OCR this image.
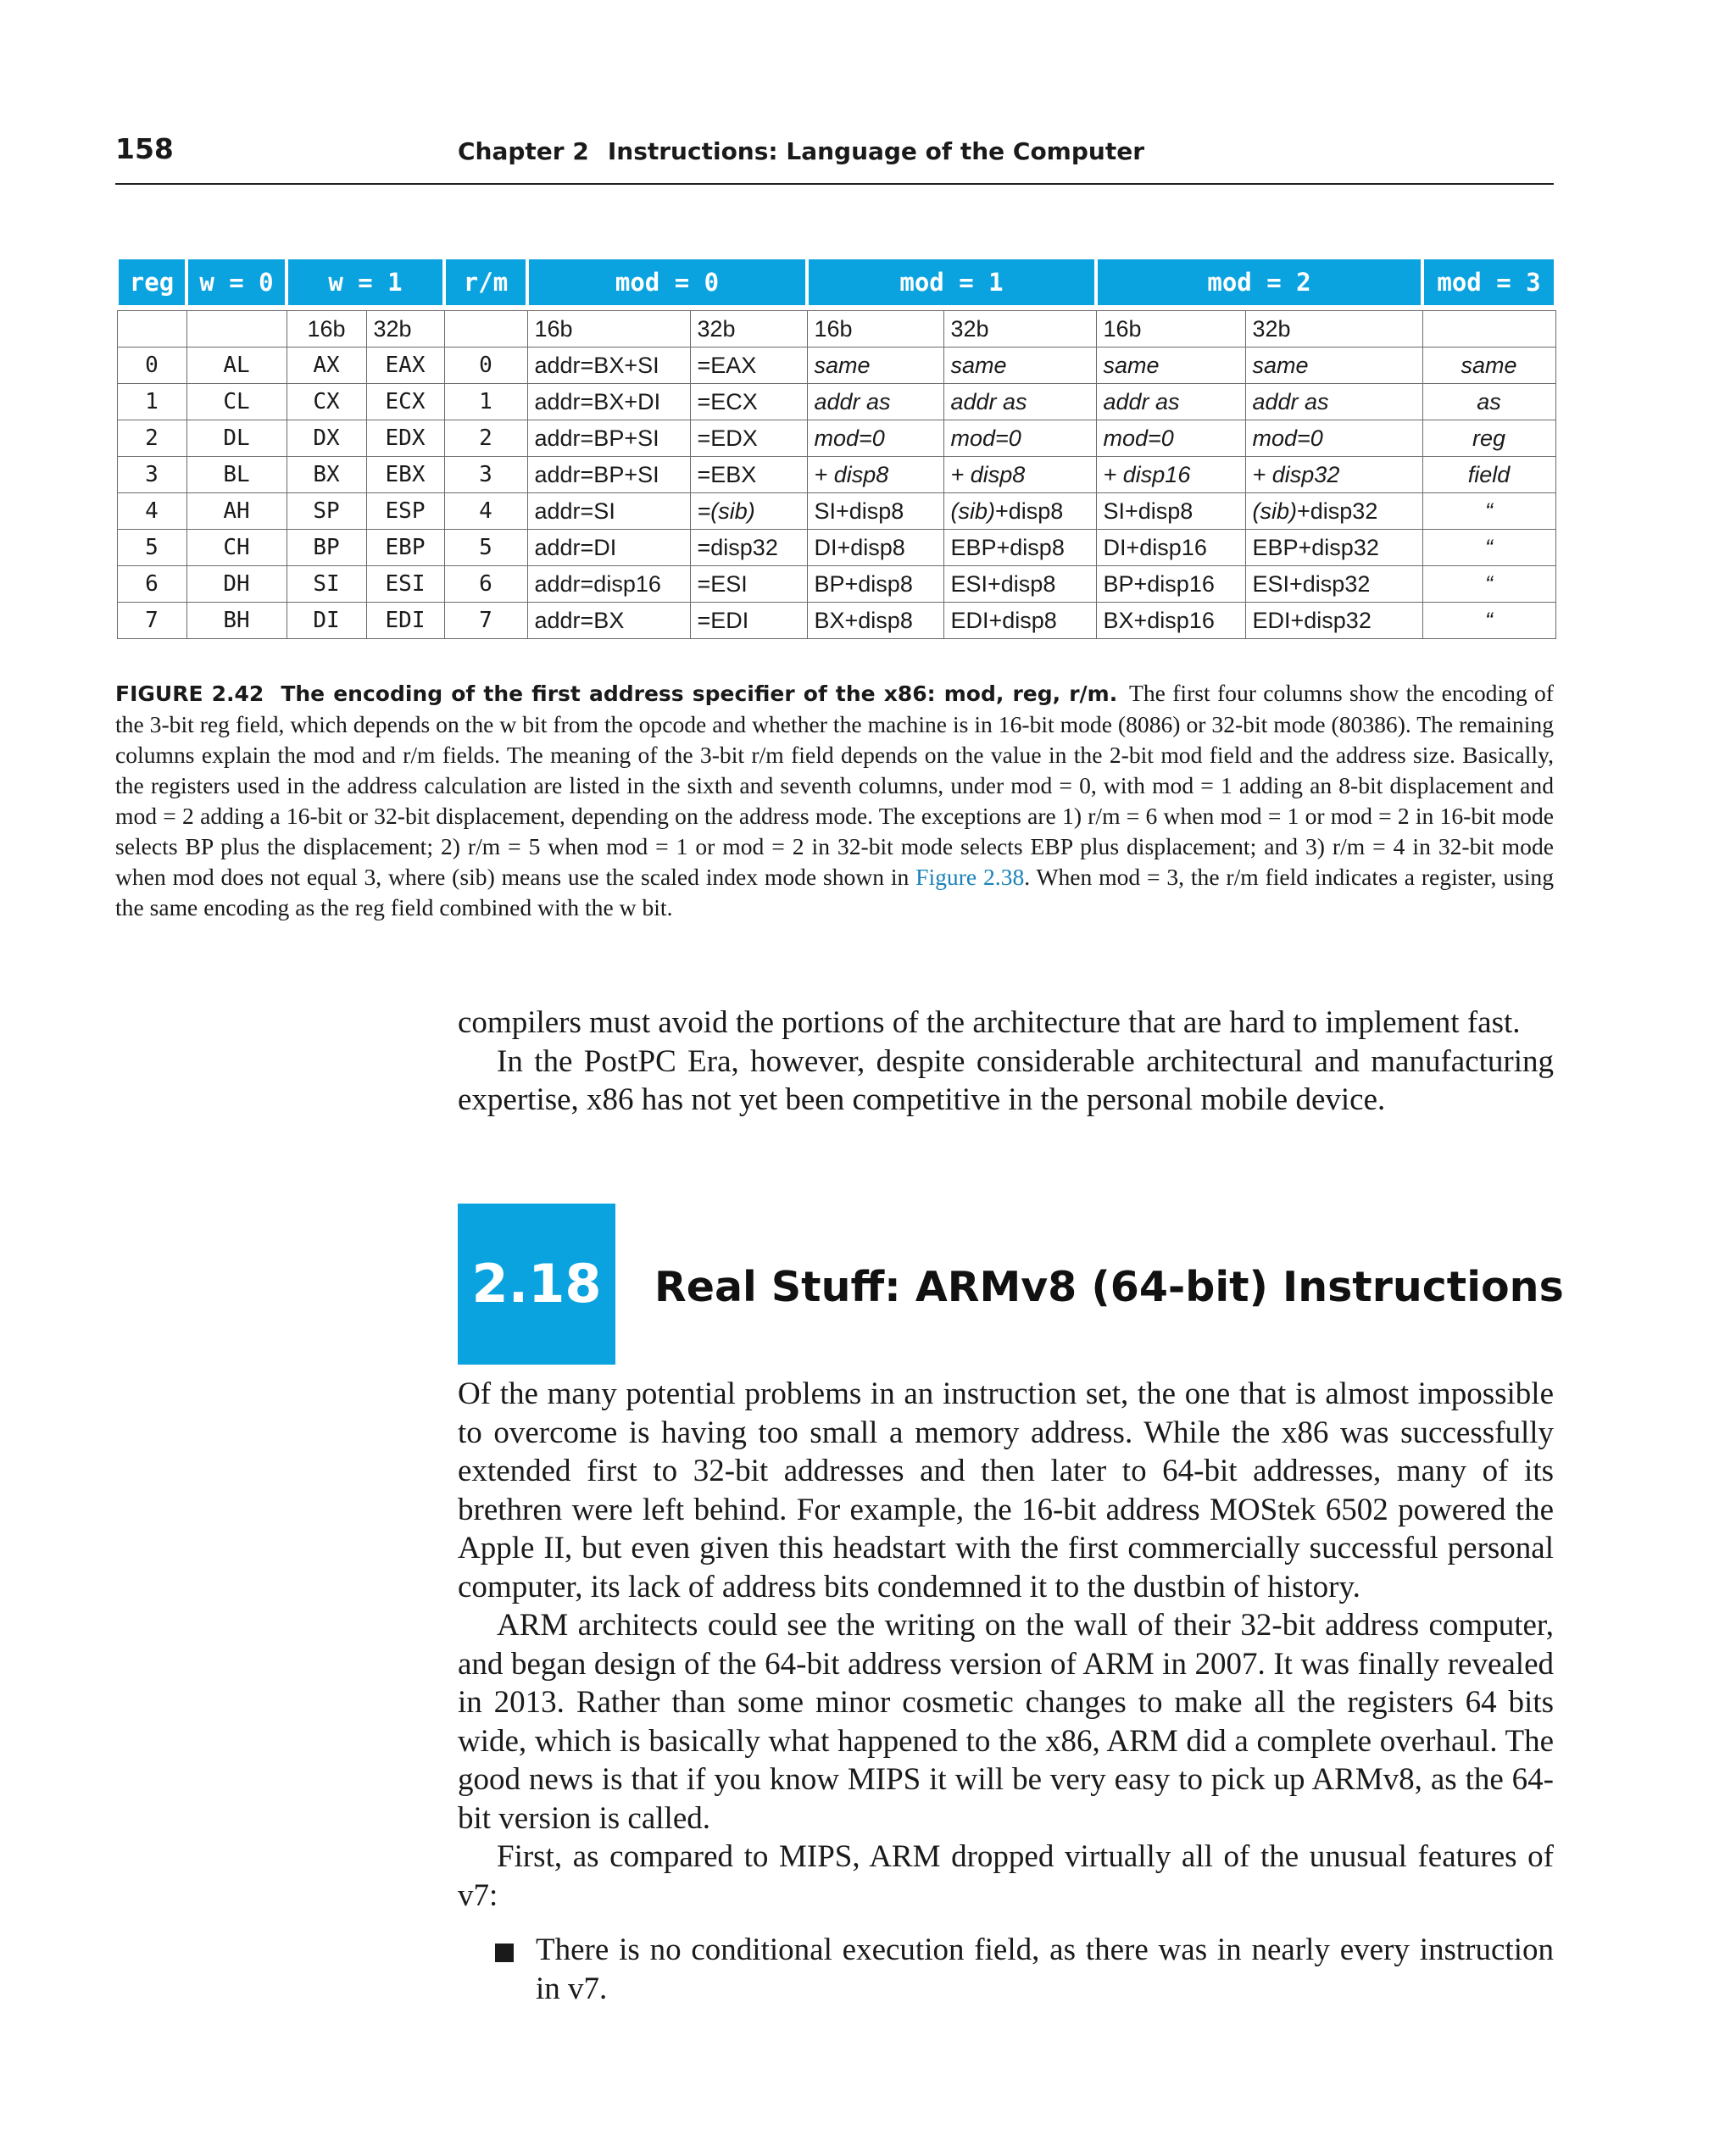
158	Chapter 2 Instructions: Language of the Computer
reg	w = 0	w = 1		r/m	mod = 0		mod = 1		mod = 2		mod = 3

		16b	32b		16b	32b	16b	32b	16b	32b	
0	AL	AX	EAX	0	addr=BX+SI	=EAX	same	same	same	same	same
1	CL	CX	ECX	1	addr=BX+DI	=ECX	addr as	addr as	addr as	addr as	as
2	DL	DX	EDX	2	addr=BP+SI	=EDX	mod=0	mod=0	mod=0	mod=0	reg
3	BL	BX	EBX	3	addr=BP+SI	=EBX	+ disp8	+ disp8	+ disp16	+ disp32	field
4	AH	SP	ESP	4	addr=SI	=(sib)	SI+disp8	(sib)+disp8	SI+disp8	(sib)+disp32	“
5	CH	BP	EBP	5	addr=DI	=disp32	DI+disp8	EBP+disp8	DI+disp16	EBP+disp32	“
6	DH	SI	ESI	6	addr=disp16	=ESI	BP+disp8	ESI+disp8	BP+disp16	ESI+disp32	“
7	BH	DI	EDI	7	addr=BX	=EDI	BX+disp8	EDI+disp8	BX+disp16	EDI+disp32	“
FIGURE 2.42 The encoding of the first address specifier of the x86: mod, reg, r/m. The first four columns show the encoding of the 3-bit reg field, which depends on the w bit from the opcode and whether the machine is in 16-bit mode (8086) or 32-bit mode (80386). The remaining columns explain the mod and r/m fields. The meaning of the 3-bit r/m field depends on the value in the 2-bit mod field and the address size. Basically, the registers used in the address calculation are listed in the sixth and seventh columns, under mod = 0, with mod = 1 adding an 8-bit displacement and mod = 2 adding a 16-bit or 32-bit displacement, depending on the address mode. The exceptions are 1) r/m = 6 when mod = 1 or mod = 2 in 16-bit mode selects BP plus the displacement; 2) r/m = 5 when mod = 1 or mod = 2 in 32-bit mode selects EBP plus displacement; and 3) r/m = 4 in 32-bit mode when mod does not equal 3, where (sib) means use the scaled index mode shown in Figure 2.38. When mod = 3, the r/m field indicates a register, using the same encoding as the reg field combined with the w bit.

compilers must avoid the portions of the architecture that are hard to implement fast.

In the PostPC Era, however, despite considerable architectural and manufacturing expertise, x86 has not yet been competitive in the personal mobile device.

2.18	Real Stuff: ARMv8 (64-bit) Instructions

Of the many potential problems in an instruction set, the one that is almost impossible to overcome is having too small a memory address. While the x86 was successfully extended first to 32-bit addresses and then later to 64-bit addresses, many of its brethren were left behind. For example, the 16-bit address MOStek 6502 powered the Apple II, but even given this headstart with the first commercially successful personal computer, its lack of address bits condemned it to the dustbin of history.

ARM architects could see the writing on the wall of their 32-bit address computer, and began design of the 64-bit address version of ARM in 2007. It was finally revealed in 2013. Rather than some minor cosmetic changes to make all the registers 64 bits wide, which is basically what happened to the x86, ARM did a complete overhaul. The good news is that if you know MIPS it will be very easy to pick up ARMv8, as the 64-bit version is called.

First, as compared to MIPS, ARM dropped virtually all of the unusual features of v7:

There is no conditional execution field, as there was in nearly every instruction in v7.
